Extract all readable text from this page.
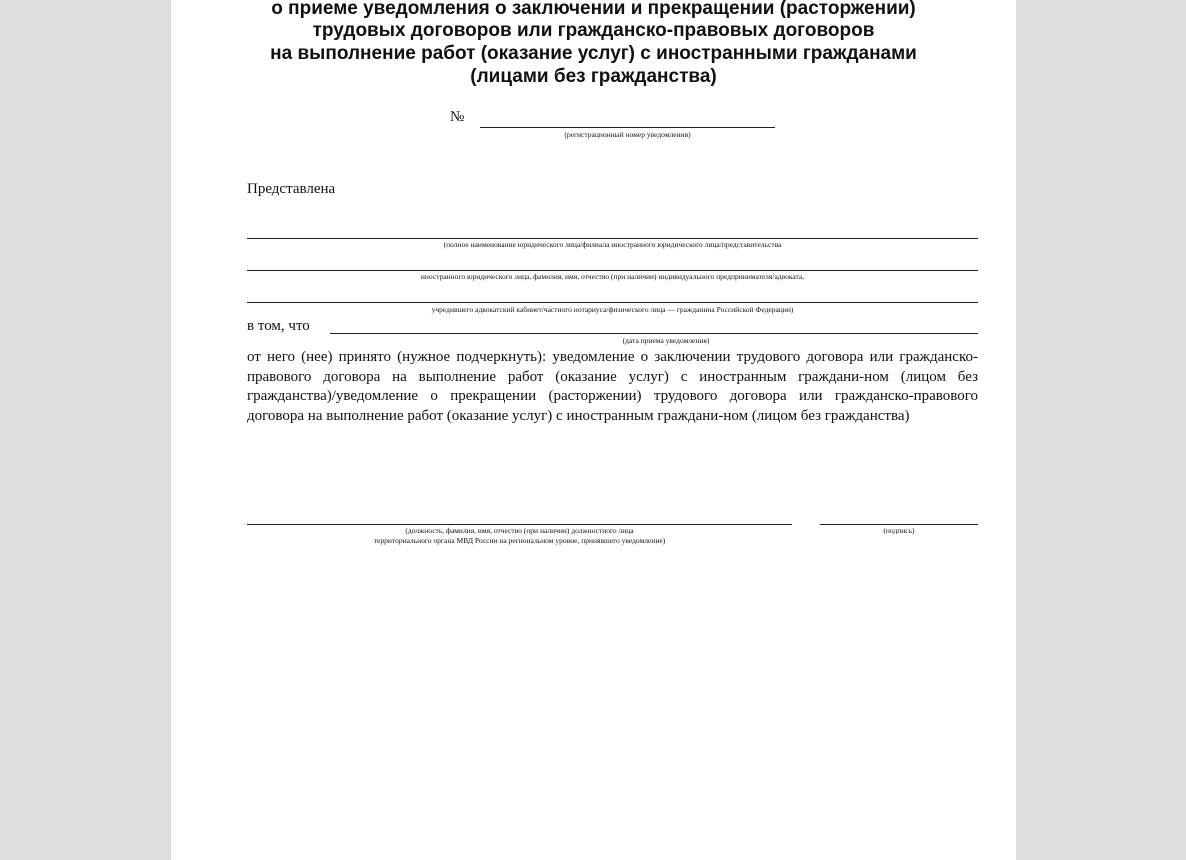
о приеме уведомления о заключении и прекращении (расторжении)
трудовых договоров или гражданско-правовых договоров
на выполнение работ (оказание услуг) с иностранными гражданами
(лицами без гражданства)
№
(регистрационный номер уведомления)
Представлена
(полное наименование юридического лица/филиала иностранного юридического лица/представительства
иностранного юридического лица, фамилия, имя, отчество (при наличии) индивидуального предпринимателя/адвоката,
учредившего адвокатский кабинет/частного нотариуса/физического лица — гражданина Российской Федерации)
в том, что
(дата приема уведомления)

от него (нее) принято (нужное подчеркнуть): уведомление о заключении трудового договора или гражданско-правового договора на выполнение работ (оказание услуг) с иностранным граждани-ном (лицом без гражданства)/уведомление о прекращении (расторжении) трудового договора или гражданско-правового договора на выполнение работ (оказание услуг) с иностранным граждани-ном (лицом без гражданства)

(должность, фамилия, имя, отчество (при наличии) должностного лица
территориального органа МВД России на региональном уровне, принявшего уведомление)
(подпись)
